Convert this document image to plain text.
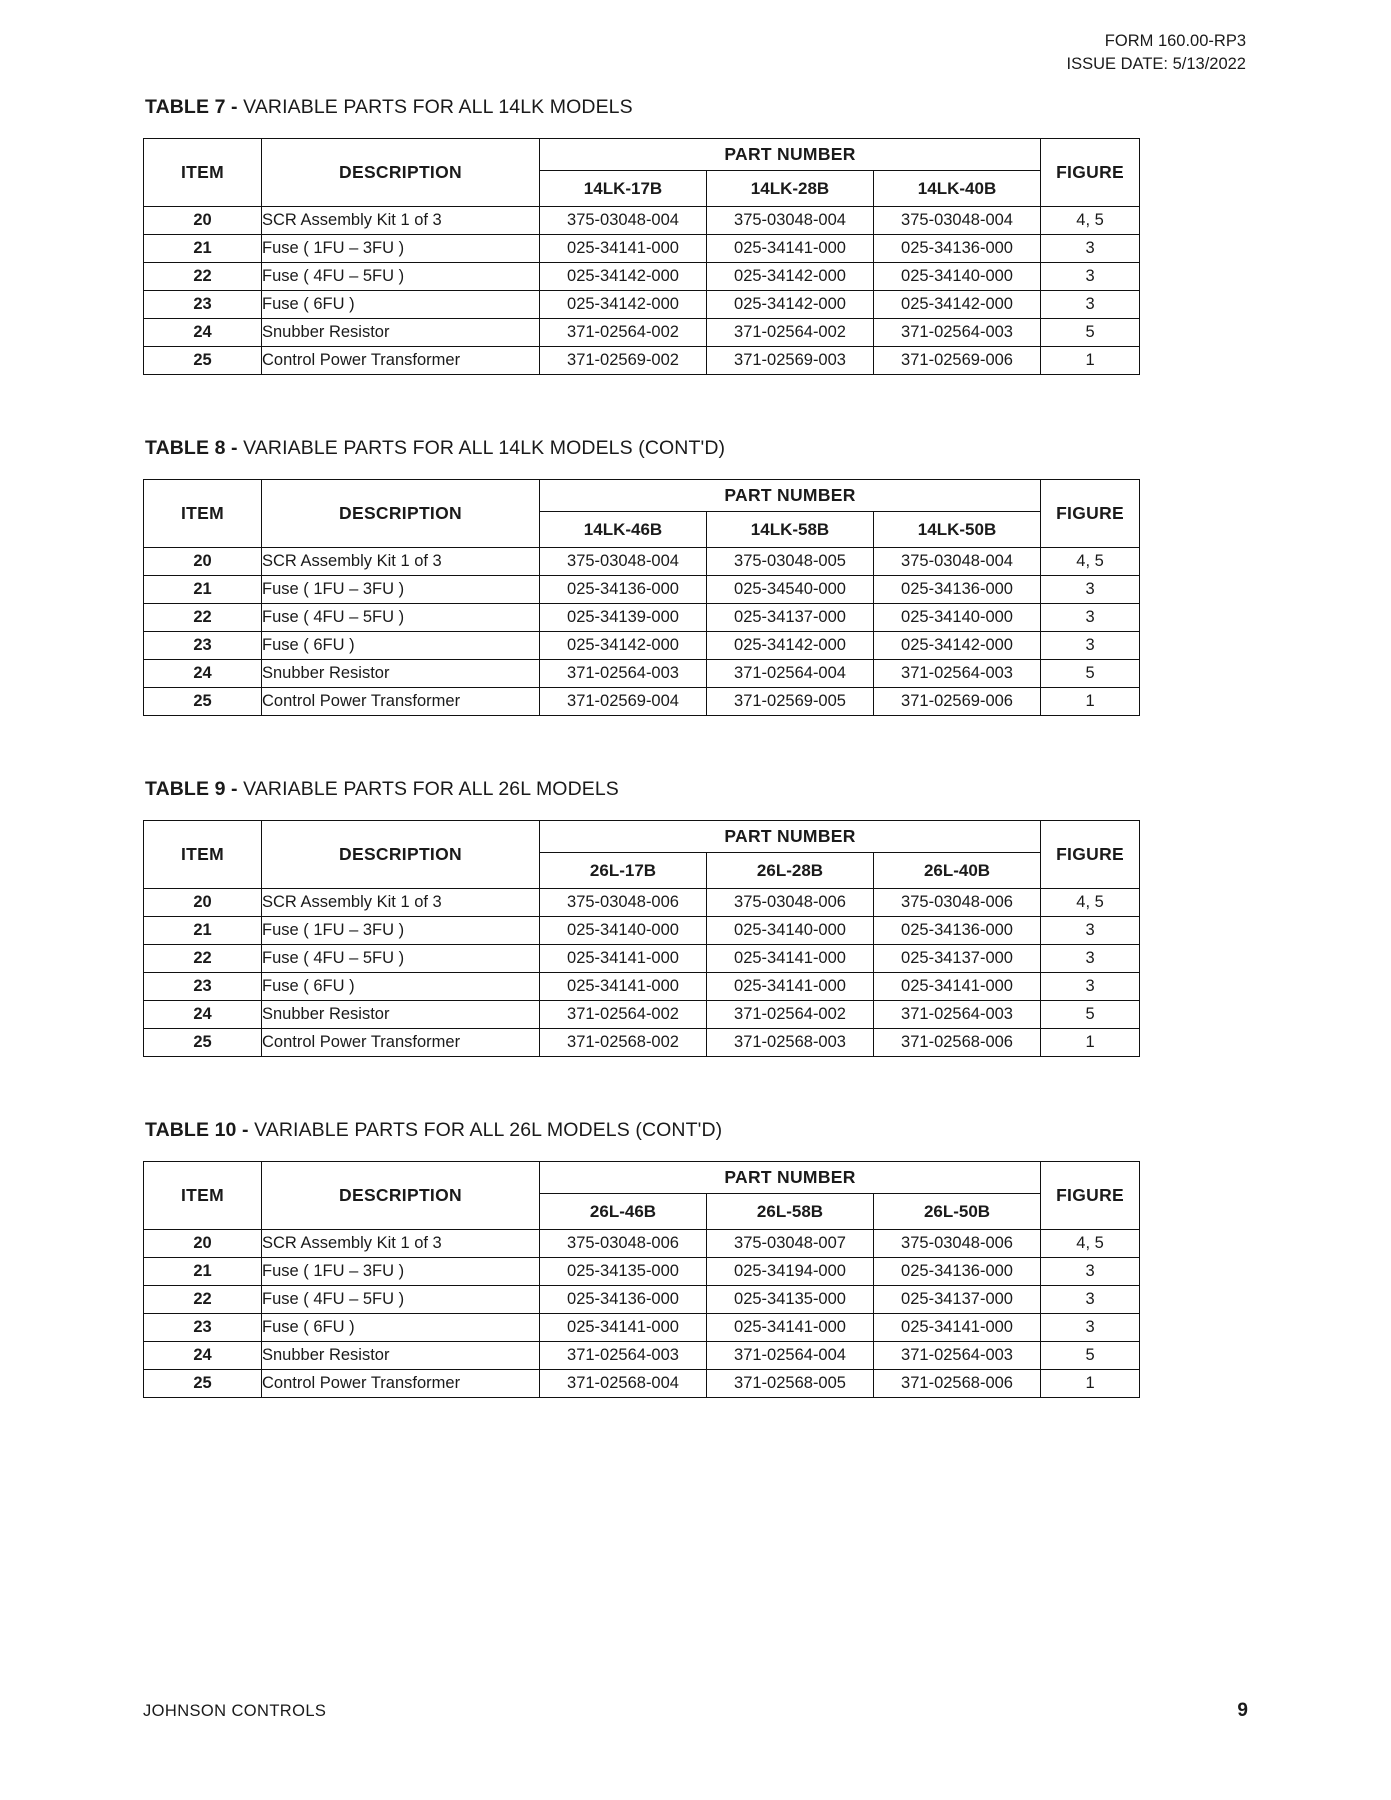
FORM 160.00-RP3
ISSUE DATE: 5/13/2022
TABLE 7 - VARIABLE PARTS FOR ALL 14LK MODELS
ITEM	DESCRIPTION	PART NUMBER			FIGURE
		14LK-17B	14LK-28B	14LK-40B	
20	SCR Assembly Kit 1 of 3	375-03048-004	375-03048-004	375-03048-004	4, 5
21	Fuse ( 1FU – 3FU )	025-34141-000	025-34141-000	025-34136-000	3
22	Fuse ( 4FU – 5FU )	025-34142-000	025-34142-000	025-34140-000	3
23	Fuse ( 6FU )	025-34142-000	025-34142-000	025-34142-000	3
24	Snubber Resistor	371-02564-002	371-02564-002	371-02564-003	5
25	Control Power Transformer	371-02569-002	371-02569-003	371-02569-006	1
TABLE 8 - VARIABLE PARTS FOR ALL 14LK MODELS (CONT'D)
ITEM	DESCRIPTION	PART NUMBER			FIGURE
		14LK-46B	14LK-58B	14LK-50B	
20	SCR Assembly Kit 1 of 3	375-03048-004	375-03048-005	375-03048-004	4, 5
21	Fuse ( 1FU – 3FU )	025-34136-000	025-34540-000	025-34136-000	3
22	Fuse ( 4FU – 5FU )	025-34139-000	025-34137-000	025-34140-000	3
23	Fuse ( 6FU )	025-34142-000	025-34142-000	025-34142-000	3
24	Snubber Resistor	371-02564-003	371-02564-004	371-02564-003	5
25	Control Power Transformer	371-02569-004	371-02569-005	371-02569-006	1
TABLE 9 - VARIABLE PARTS FOR ALL 26L MODELS
ITEM	DESCRIPTION	PART NUMBER			FIGURE
		26L-17B	26L-28B	26L-40B	
20	SCR Assembly Kit 1 of 3	375-03048-006	375-03048-006	375-03048-006	4, 5
21	Fuse ( 1FU – 3FU )	025-34140-000	025-34140-000	025-34136-000	3
22	Fuse ( 4FU – 5FU )	025-34141-000	025-34141-000	025-34137-000	3
23	Fuse ( 6FU )	025-34141-000	025-34141-000	025-34141-000	3
24	Snubber Resistor	371-02564-002	371-02564-002	371-02564-003	5
25	Control Power Transformer	371-02568-002	371-02568-003	371-02568-006	1
TABLE 10 - VARIABLE PARTS FOR ALL 26L MODELS (CONT'D)
ITEM	DESCRIPTION	PART NUMBER			FIGURE
		26L-46B	26L-58B	26L-50B	
20	SCR Assembly Kit 1 of 3	375-03048-006	375-03048-007	375-03048-006	4, 5
21	Fuse ( 1FU – 3FU )	025-34135-000	025-34194-000	025-34136-000	3
22	Fuse ( 4FU – 5FU )	025-34136-000	025-34135-000	025-34137-000	3
23	Fuse ( 6FU )	025-34141-000	025-34141-000	025-34141-000	3
24	Snubber Resistor	371-02564-003	371-02564-004	371-02564-003	5
25	Control Power Transformer	371-02568-004	371-02568-005	371-02568-006	1
JOHNSON CONTROLS	9
